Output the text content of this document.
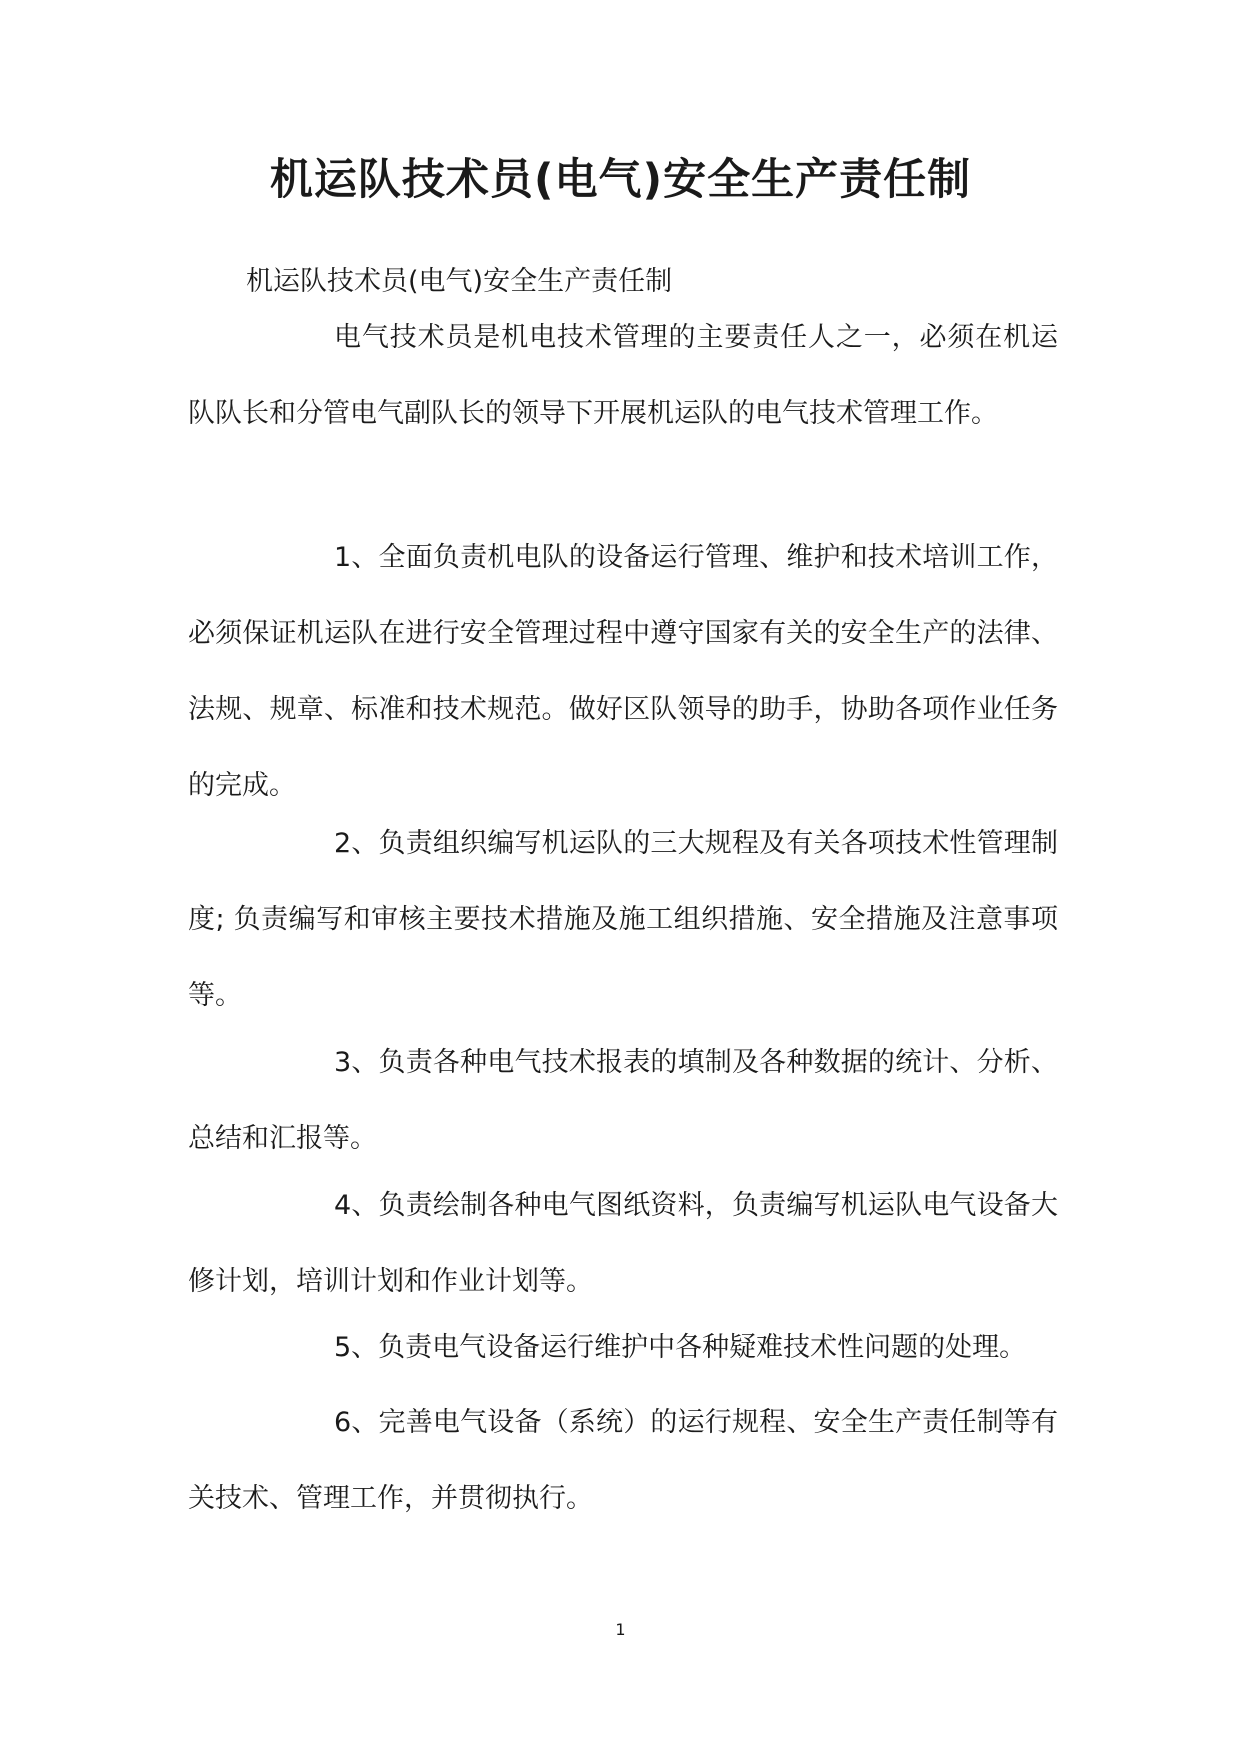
机运队技术员(电气)安全生产责任制

机运队技术员(电气)安全生产责任制

电气技术员是机电技术管理的主要责任人之一，必须在机运队队长和分管电气副队长的领导下开展机运队的电气技术管理工作。

1、全面负责机电队的设备运行管理、维护和技术培训工作，必须保证机运队在进行安全管理过程中遵守国家有关的安全生产的法律、法规、规章、标准和技术规范。做好区队领导的助手，协助各项作业任务的完成。

2、负责组织编写机运队的三大规程及有关各项技术性管理制度; 负责编写和审核主要技术措施及施工组织措施、安全措施及注意事项等。

3、负责各种电气技术报表的填制及各种数据的统计、分析、总结和汇报等。

4、负责绘制各种电气图纸资料，负责编写机运队电气设备大修计划，培训计划和作业计划等。

5、负责电气设备运行维护中各种疑难技术性问题的处理。

6、完善电气设备（系统）的运行规程、安全生产责任制等有关技术、管理工作，并贯彻执行。

1
